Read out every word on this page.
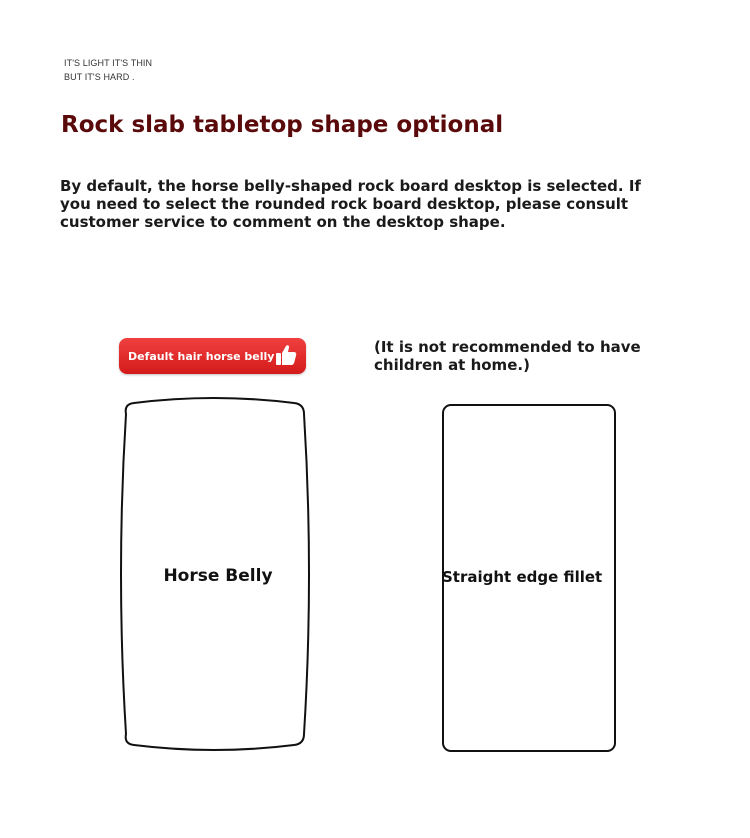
IT'S LIGHT IT'S THIN
BUT IT'S HARD .
Rock slab tabletop shape optional

By default, the horse belly-shaped rock board desktop is selected. If you need to select the rounded rock board desktop, please consult customer service to comment on the desktop shape.

Default hair horse belly	(It is not recommended to have children at home.)

Horse Belly	Straight edge fillet
